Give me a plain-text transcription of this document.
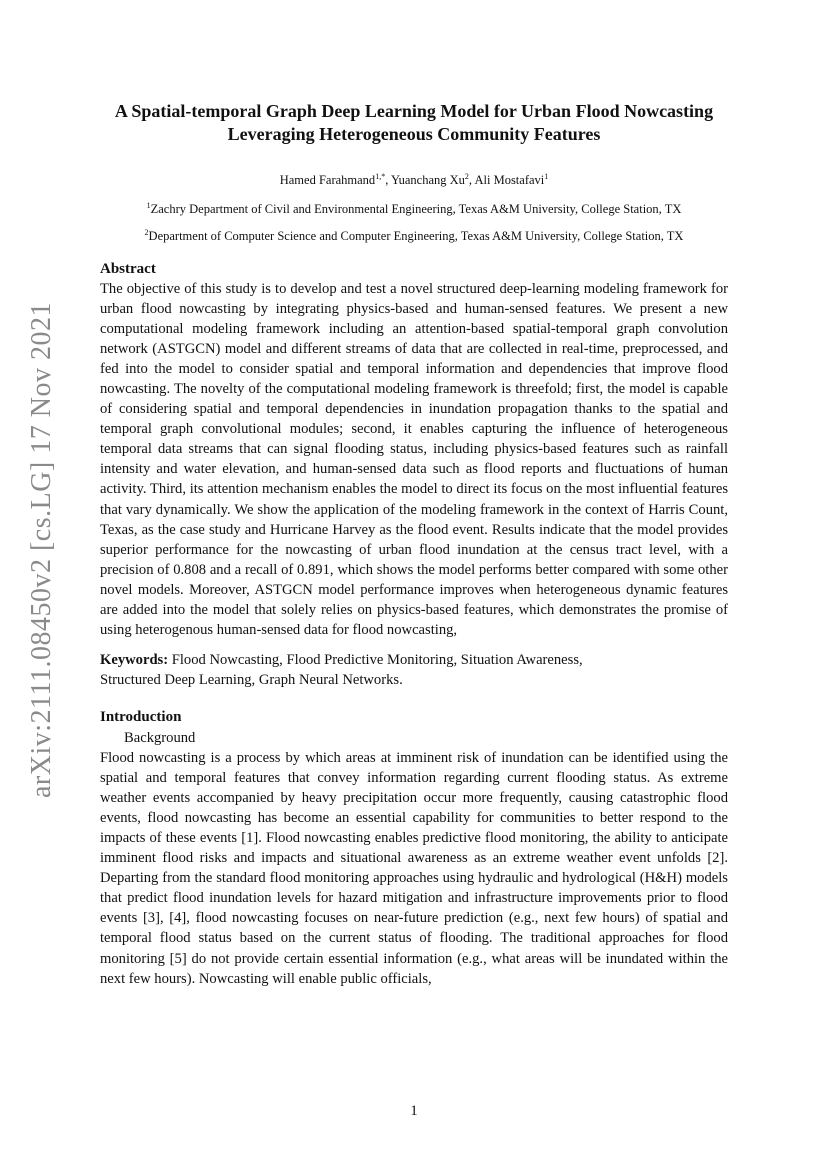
arXiv:2111.08450v2 [cs.LG] 17 Nov 2021
A Spatial-temporal Graph Deep Learning Model for Urban Flood Nowcasting
Leveraging Heterogeneous Community Features
Hamed Farahmand$^{1,*}$, Yuanchang Xu$^2$, Ali Mostafavi$^1$
$^1$Zachry Department of Civil and Environmental Engineering, Texas A&M University, College Station, TX
$^2$Department of Computer Science and Computer Engineering, Texas A&M University, College Station, TX
Abstract

The objective of this study is to develop and test a novel structured deep-learning modeling framework for urban flood nowcasting by integrating physics-based and human-sensed features. We present a new computational modeling framework including an attention-based spatial-temporal graph convolution network (ASTGCN) model and different streams of data that are collected in real-time, preprocessed, and fed into the model to consider spatial and temporal information and dependencies that improve flood nowcasting. The novelty of the computational modeling framework is threefold; first, the model is capable of considering spatial and temporal dependencies in inundation propagation thanks to the spatial and temporal graph convolutional modules; second, it enables capturing the influence of heterogeneous temporal data streams that can signal flooding status, including physics-based features such as rainfall intensity and water elevation, and human-sensed data such as flood reports and fluctuations of human activity. Third, its attention mechanism enables the model to direct its focus on the most influential features that vary dynamically. We show the application of the modeling framework in the context of Harris Count, Texas, as the case study and Hurricane Harvey as the flood event. Results indicate that the model provides superior performance for the nowcasting of urban flood inundation at the census tract level, with a precision of 0.808 and a recall of 0.891, which shows the model performs better compared with some other novel models. Moreover, ASTGCN model performance improves when heterogeneous dynamic features are added into the model that solely relies on physics-based features, which demonstrates the promise of using heterogenous human-sensed data for flood nowcasting,

Keywords: Flood Nowcasting, Flood Predictive Monitoring, Situation Awareness,
Structured Deep Learning, Graph Neural Networks.
Introduction
Background

Flood nowcasting is a process by which areas at imminent risk of inundation can be identified using the spatial and temporal features that convey information regarding current flooding status. As extreme weather events accompanied by heavy precipitation occur more frequently, causing catastrophic flood events, flood nowcasting has become an essential capability for communities to better respond to the impacts of these events [1]. Flood nowcasting enables predictive flood monitoring, the ability to anticipate imminent flood risks and impacts and situational awareness as an extreme weather event unfolds [2]. Departing from the standard flood monitoring approaches using hydraulic and hydrological (H&H) models that predict flood inundation levels for hazard mitigation and infrastructure improvements prior to flood events [3], [4], flood nowcasting focuses on near-future prediction (e.g., next few hours) of spatial and temporal flood status based on the current status of flooding. The traditional approaches for flood monitoring [5] do not provide certain essential information (e.g., what areas will be inundated within the next few hours). Nowcasting will enable public officials,

1
